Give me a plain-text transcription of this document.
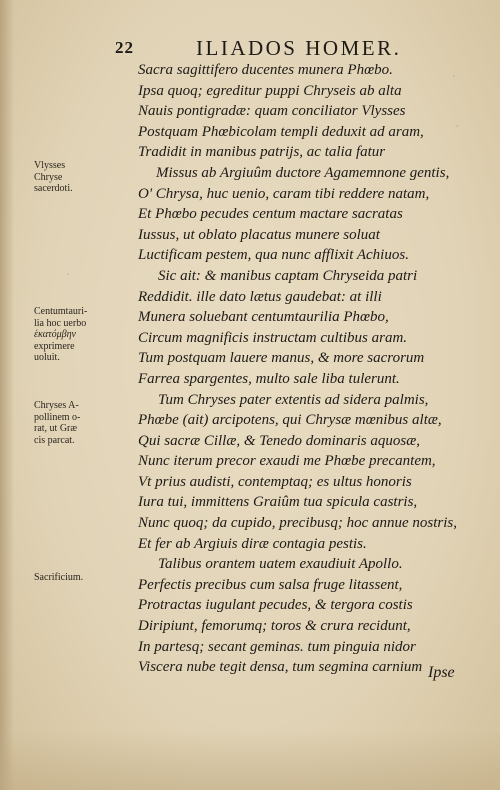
·
·
·
22	ILIADOS HOMER.
Sacra sagittifero ducentes munera Phœbo.
Ipsa quoq; egreditur puppi Chryseis ab alta
Nauis pontigradæ: quam conciliator Vlysses
Postquam Phœbicolam templi deduxit ad aram,
Tradidit in manibus patrijs, ac talia fatur
Missus ab Argiuûm ductore Agamemnone gentis,
O' Chrysa, huc uenio, caram tibi reddere natam,
Et Phœbo pecudes centum mactare sacratas
Iussus, ut oblato placatus munere soluat
Luctificam pestem, qua nunc afflixit Achiuos.
Sic ait: & manibus captam Chryseida patri
Reddidit. ille dato lætus gaudebat: at illi
Munera soluebant centumtaurilia Phœbo,
Circum magnificis instructam cultibus aram.
Tum postquam lauere manus, & more sacrorum
Farrea spargentes, multo sale liba tulerunt.
Tum Chryses pater extentis ad sidera palmis,
Phœbe (ait) arcipotens, qui Chrysæ mœnibus altæ,
Qui sacræ Cillæ, & Tenedo dominaris aquosæ,
Nunc iterum precor exaudi me Phœbe precantem,
Vt prius audisti, contemptaq; es ultus honoris
Iura tui, immittens Graiûm tua spicula castris,
Nunc quoq; da cupido, precibusq; hoc annue nostris,
Et fer ab Argiuis diræ contagia pestis.
Talibus orantem uatem exaudiuit Apollo.
Perfectis precibus cum salsa fruge litassent,
Protractas iugulant pecudes, & tergora costis
Diripiunt, femorumq; toros & crura recidunt,
In partesq; secant geminas. tum pinguia nidor
Viscera nube tegit densa, tum segmina carnium
Vlysses
Chryse
sacerdoti.
Centumtauri-
lia hoc uerbo
ἑκατόμβην
exprimere
uoluit.
Chryses A-
pollinem o-
rat, ut Græ
cis parcat.
Sacrificium.
Ipse
